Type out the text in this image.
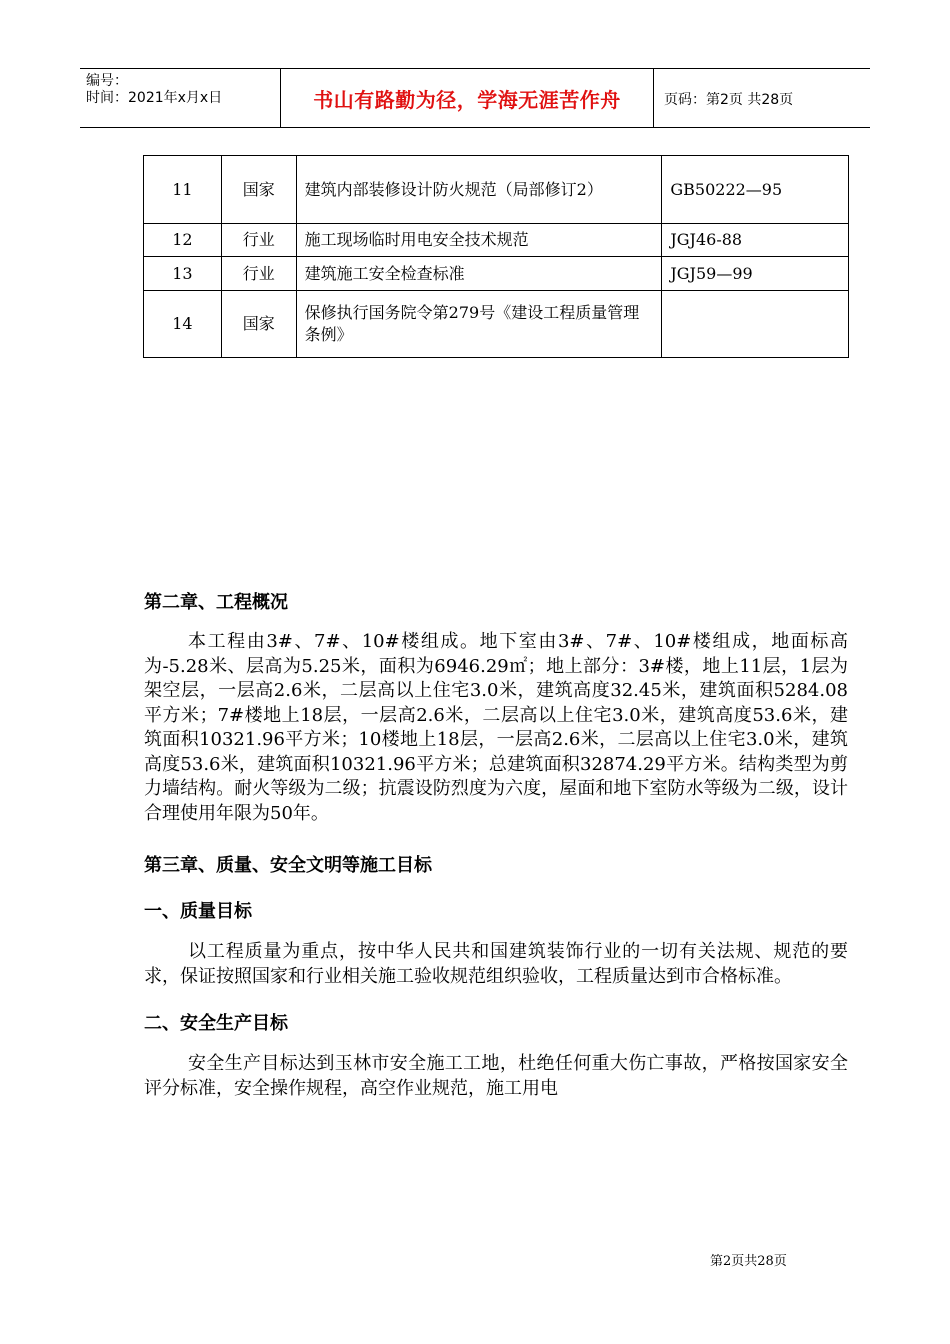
编号：
时间：2021年x月x日	书山有路勤为径，学海无涯苦作舟	页码：第2页 共28页
11	国家	建筑内部装修设计防火规范（局部修订2）	GB50222—95
12	行业	施工现场临时用电安全技术规范	JGJ46-88
13	行业	建筑施工安全检查标准	JGJ59—99
14	国家	保修执行国务院令第279号《建设工程质量管理条例》	
第二章、工程概况

本工程由3#、7#、10#楼组成。地下室由3#、7#、10#楼组成，地面标高为-5.28米、层高为5.25米，面积为6946.29㎡；地上部分：3#楼，地上11层，1层为架空层，一层高2.6米，二层高以上住宅3.0米，建筑高度32.45米，建筑面积5284.08平方米；7#楼地上18层，一层高2.6米，二层高以上住宅3.0米，建筑高度53.6米，建筑面积10321.96平方米；10楼地上18层，一层高2.6米，二层高以上住宅3.0米，建筑高度53.6米，建筑面积10321.96平方米；总建筑面积32874.29平方米。结构类型为剪力墙结构。耐火等级为二级；抗震设防烈度为六度，屋面和地下室防水等级为二级，设计合理使用年限为50年。

第三章、质量、安全文明等施工目标
一、质量目标

以工程质量为重点，按中华人民共和国建筑装饰行业的一切有关法规、规范的要求，保证按照国家和行业相关施工验收规范组织验收，工程质量达到市合格标准。

二、安全生产目标

安全生产目标达到玉林市安全施工工地，杜绝任何重大伤亡事故，严格按国家安全评分标准，安全操作规程，高空作业规范，施工用电

第2页共28页
